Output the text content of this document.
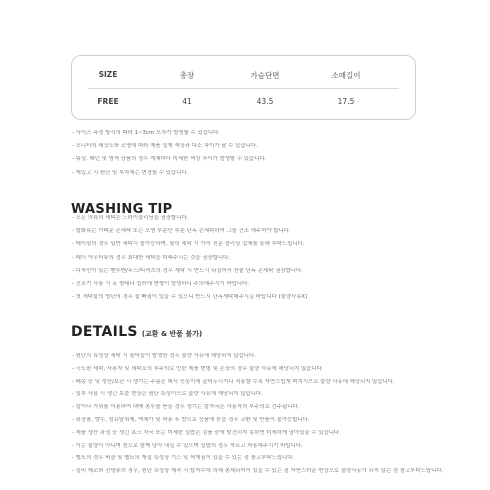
SIZE	총장	가슴단면	소매길이
FREE	41	43.5	17.5
- 사이즈 측정 방식의 따라 1~3cm 오차가 발생할 수 있습니다.
- 모니터의 해상도와 조명에 따라 제품 실제 색상과 다소 차이가 날 수 있습니다.
- 워싱, 패턴 및 염색 상품의 경우 개체마다 미세한 색상 차이가 발생할 수 있습니다.
- 재입고 시 원단 및 부자재는 변경될 수 있습니다.
WASHING TIP
- 모든 의류의 세탁은 드라이클리닝을 권장합니다.
- 합화류는 가벼운 손세탁 또는 오염 부분만 부분 단독 손세탁하여 그늘 건조 해주셔야 합니다.
- 테이핑의 경우 일반 세탁시 볼가능하며, 필히 세탁 시 가죽 전문 클리닝 업체를 통해 부탁드립니다.
- 레더 아우터류의 경우 최대한 세탁을 피해주시는 것을 권장합니다.
- 디자인이 있는 맨투맨/후드/티셔츠의 경우 세탁 시 반드시 뒤집어서 찬물 단독 손세탁 권장합니다.
- 건조기 사용 시 옷 형태나 컬러에 변형이 발생하니 주의해주시기 바랍니다.
- 첫 세탁물의 염단의 경우 물 빠짐이 있을 수 있으니 반드시 단독세탁해주시길 바랍니다 (물량사유X)
DETAILS (교환 & 반품 불가)
- 원단의 특성상 세탁 시 줄어들이 발생한 경우 불량 사유에 해당되지 않습니다.
- 극도한 세탁, 사용자 및 세탁소의 부주의로 인한 제품 변형 및 손상의 경우 불량 사유에 해당되지 않습니다.
- 배송 중 및 생산/보관 시 생기는 주름은 퍼서 웃옷이에 끌어두시거나 적용할 수록 자연스럽게 펴지시므로 불량 사유에 해당되지 않습니다.
- 일부 사용 시 생긴 보풀 현상은 원단 특성이므로 불량 사유에 해당되지 않습니다.
- 칼이나 가위를 이용하여 택배 봉투를 뜯을 경우 생기는 칼자국은 사용자의 부주의로 간주됩니다.
- 위장품, 향수, 섬유탈취제, 액체가 및 착용 후 향으로 상품에 묻을 경우 교환 및 반품이 불가능합니다.
- 제품 생산 과정 중 생긴 초크 자국 또는 미세한 실밥은 검품 중에 발견되지 못하면 미세하게 남아있을 수 있습니다.
- 이는 불량이 아니며 천으로 함께 닦아 내실 수 있으며 실밥의 경우 자르고 착용해주시기 바랍니다.
- 벨트의 경우 버클 및 벨트의 재질 특성상 기스 및 찍게짐이 있을 수 있는 점 참고부탁드립니다.
- 일비 제조와 전냉류의 경우, 원단 특성상 제작 시 탑자수에 의해 봉제되어이 있을 수 있는 점 자연스러운 현상으로 불량사유가 되지 않는 점 참고부탁드립니다.
